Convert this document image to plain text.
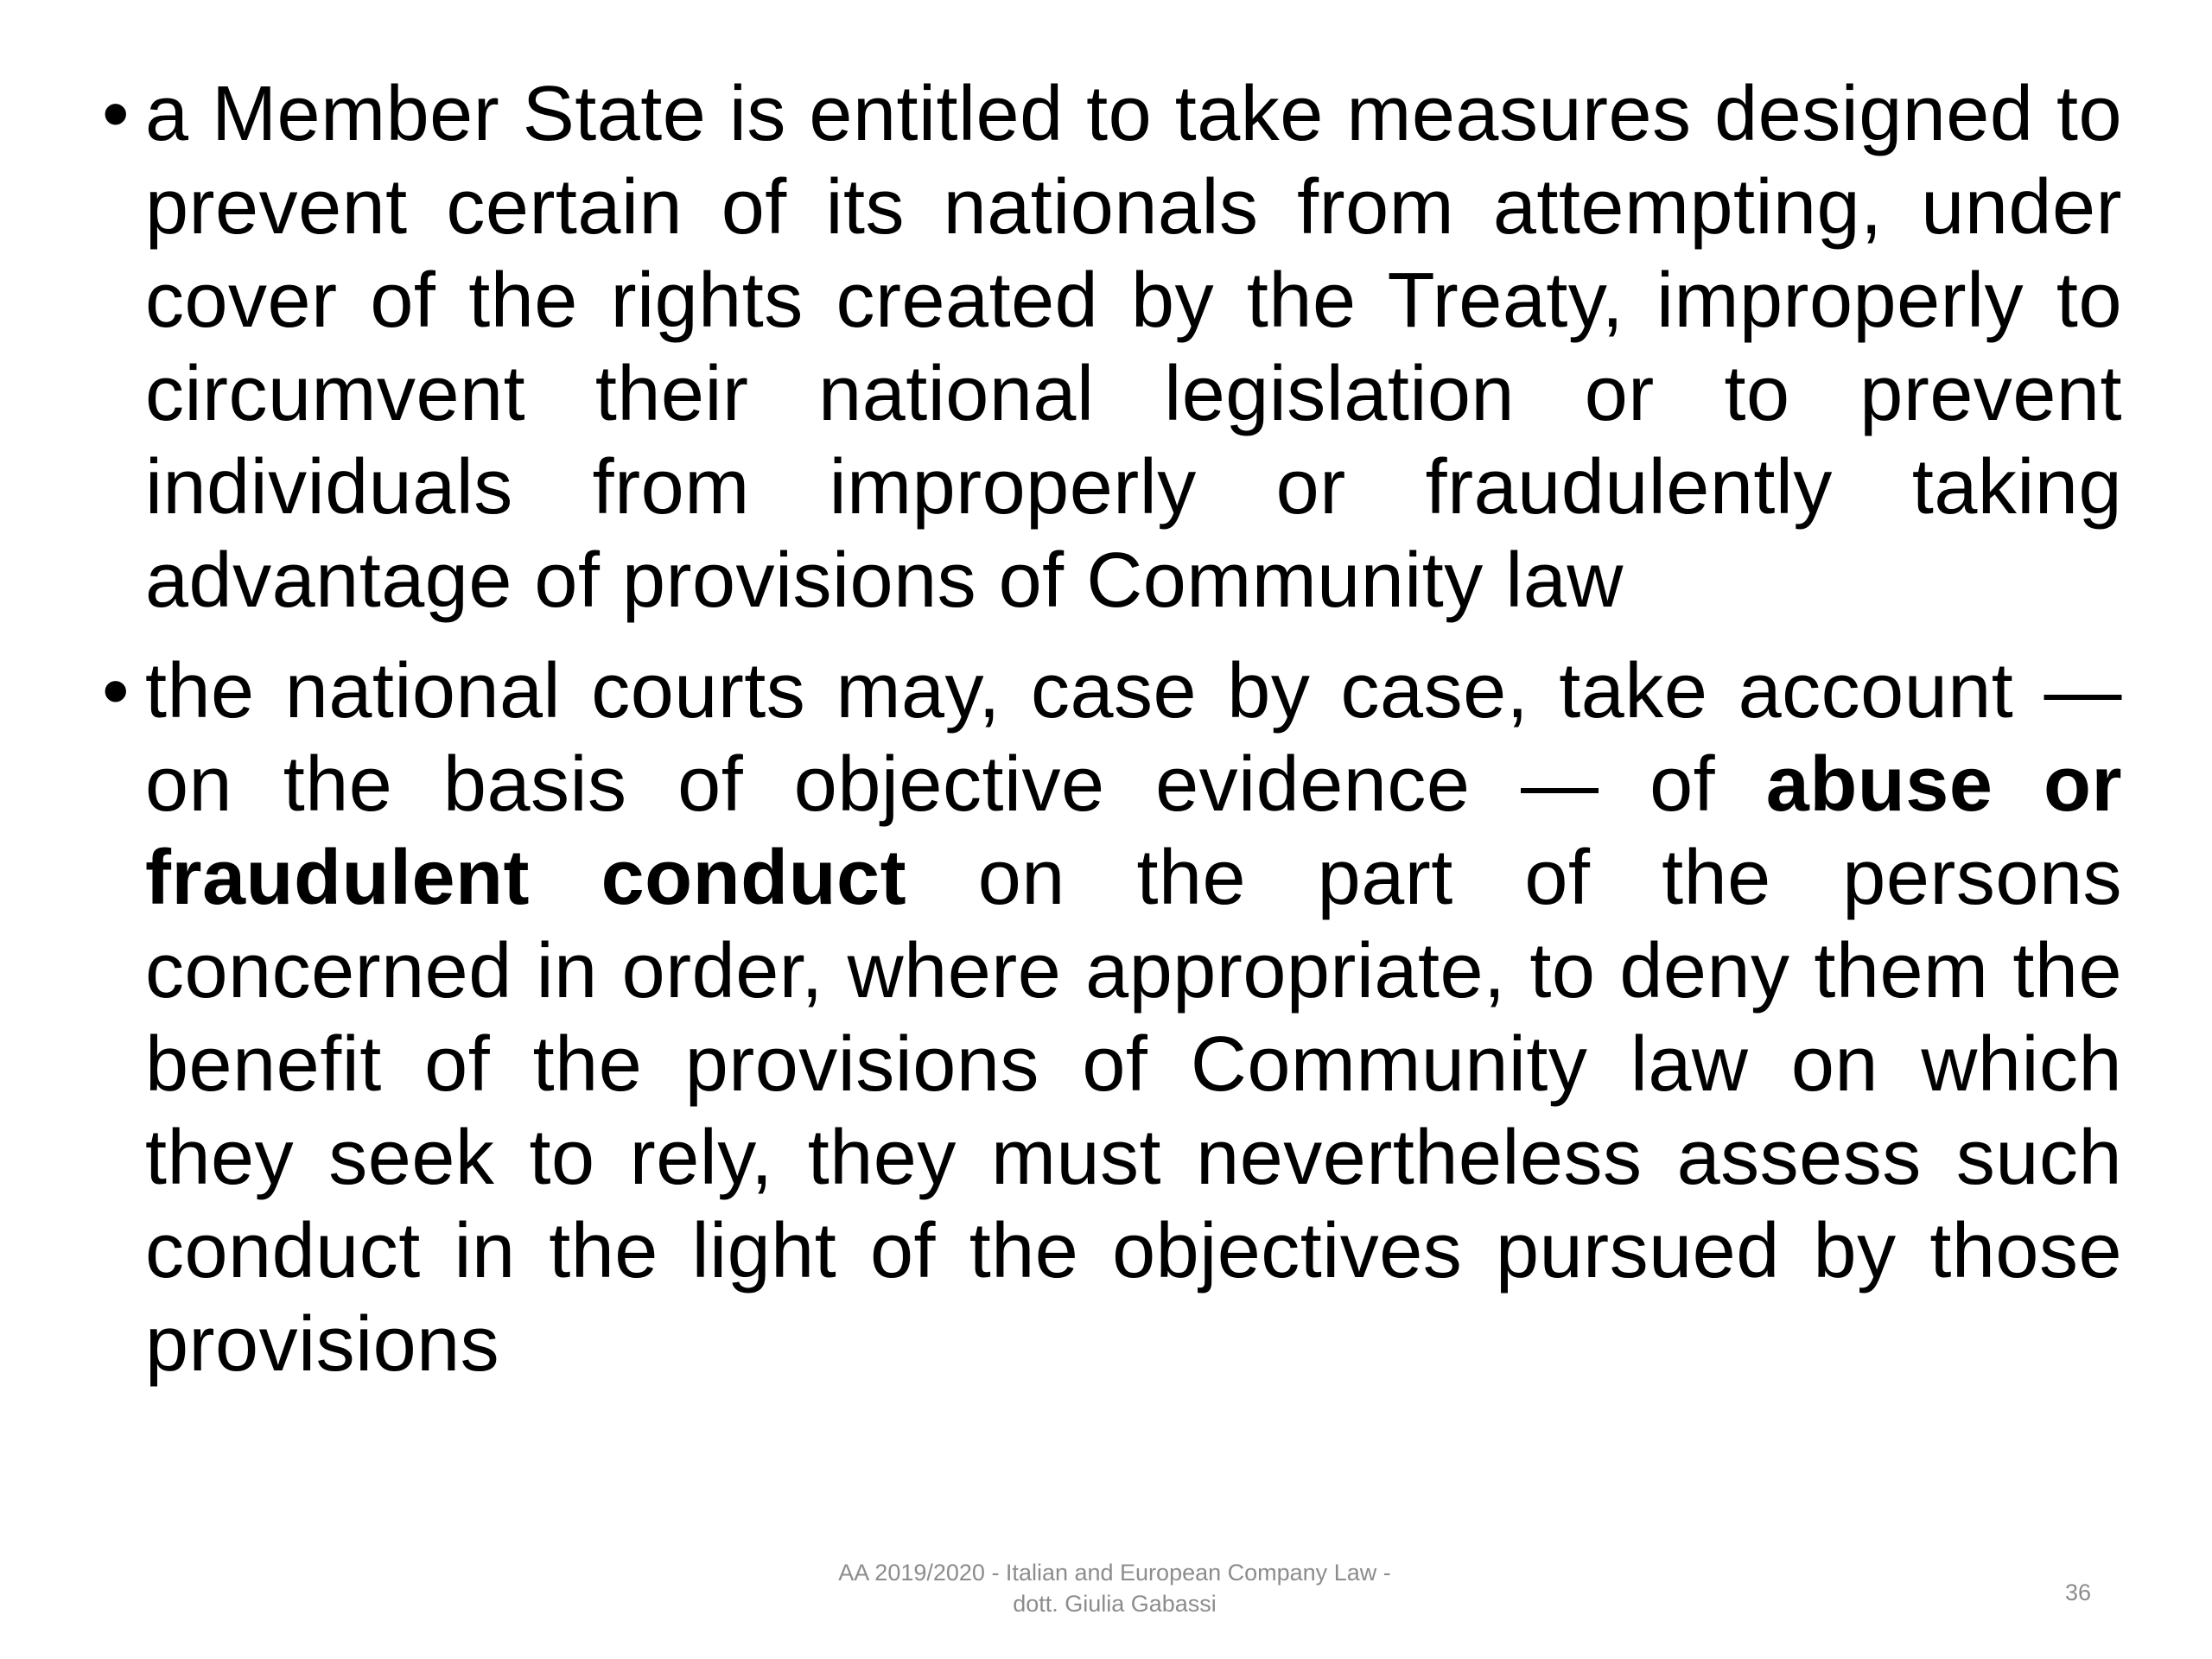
• a Member State is entitled to take measures designed to prevent certain of its nationals from attempting, under cover of the rights created by the Treaty, improperly to circumvent their national legislation or to prevent individuals from improperly or fraudulently taking advantage of provisions of Community law
• the national courts may, case by case, take account — on the basis of objective evidence — of abuse or fraudulent conduct on the part of the persons concerned in order, where appropriate, to deny them the benefit of the provisions of Community law on which they seek to rely, they must nevertheless assess such conduct in the light of the objectives pursued by those provisions
AA 2019/2020 - Italian and European Company Law -
dott. Giulia Gabassi	36
